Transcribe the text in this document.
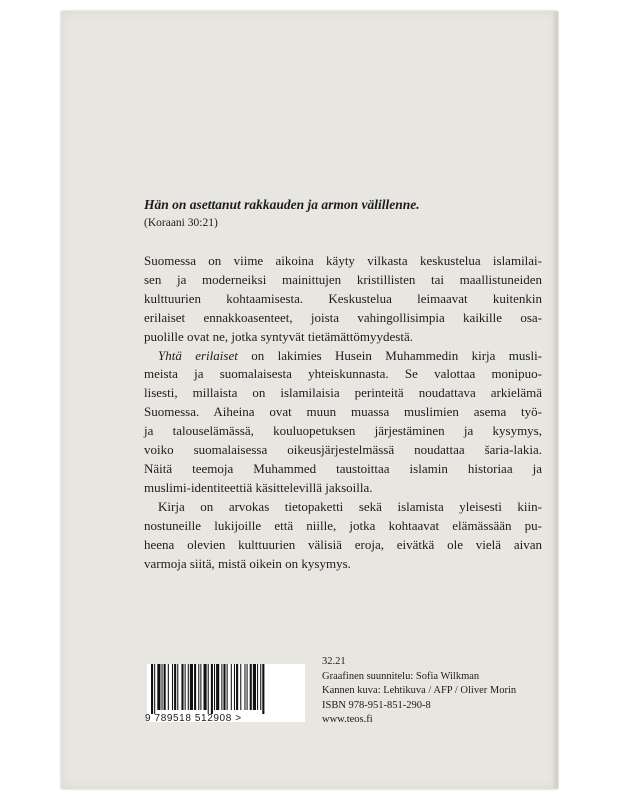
Hän on asettanut rakkauden ja armon välillenne.
(Koraani 30:21)

Suomessa on viime aikoina käyty vilkasta keskustelua islamilai-
sen ja moderneiksi mainittujen kristillisten tai maallistuneiden
kulttuurien kohtaamisesta. Keskustelua leimaavat kuitenkin
erilaiset ennakkoasenteet, joista vahingollisimpia kaikille osa-
puolille ovat ne, jotka syntyvät tietämättömyydestä.

Yhtä erilaiset on lakimies Husein Muhammedin kirja musli-
meista ja suomalaisesta yhteiskunnasta. Se valottaa monipuo-
lisesti, millaista on islamilaisia perinteitä noudattava arkielämä
Suomessa. Aiheina ovat muun muassa muslimien asema työ-
ja talouselämässä, kouluopetuksen järjestäminen ja kysymys,
voiko suomalaisessa oikeusjärjestelmässä noudattaa šaria-lakia.
Näitä teemoja Muhammed taustoittaa islamin historiaa ja
muslimi-identiteettiä käsittelevillä jaksoilla.

Kirja on arvokas tietopaketti sekä islamista yleisesti kiin-
nostuneille lukijoille että niille, jotka kohtaavat elämässään pu-
heena olevien kulttuurien välisiä eroja, eivätkä ole vielä aivan
varmoja siitä, mistä oikein on kysymys.

9 789518 512908 >
32.21
Graafinen suunnitelu: Sofia Wilkman
Kannen kuva: Lehtikuva / AFP / Oliver Morin
ISBN 978-951-851-290-8
www.teos.fi
